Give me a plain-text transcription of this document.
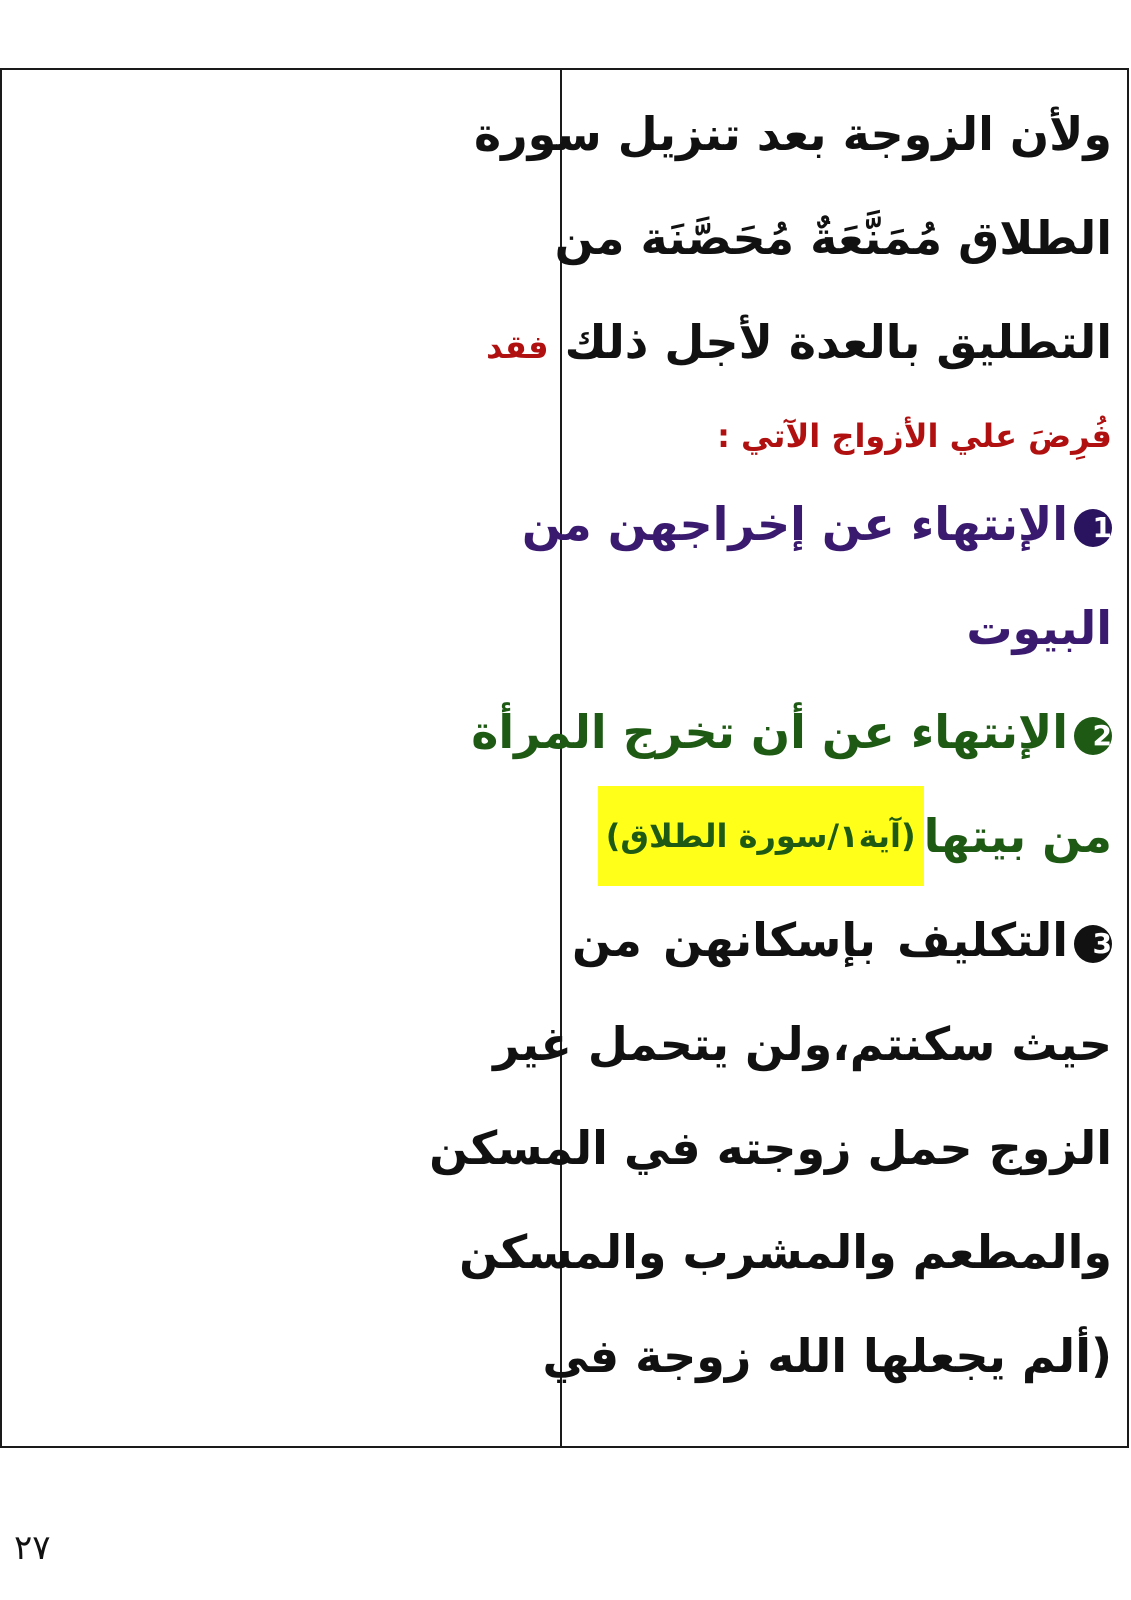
ولأن الزوجة بعد تنزيل سورة
الطلاق مُمَنَّعَةٌ مُحَصَّنَة من
التطليق بالعدة لأجل ذلك فقد
فُرِضَ علي الأزواج الآتي :
1الإنتهاء عن إخراجهن من
البيوت
2الإنتهاء عن أن تخرج المرأة
من بيتها(آية١/سورة الطلاق)
3التكليف بإسكانهن من
حيث سكنتم،ولن يتحمل غير
الزوج حمل زوجته في المسكن
والمطعم والمشرب والمسكن
(ألم يجعلها الله زوجة في
٢٧
